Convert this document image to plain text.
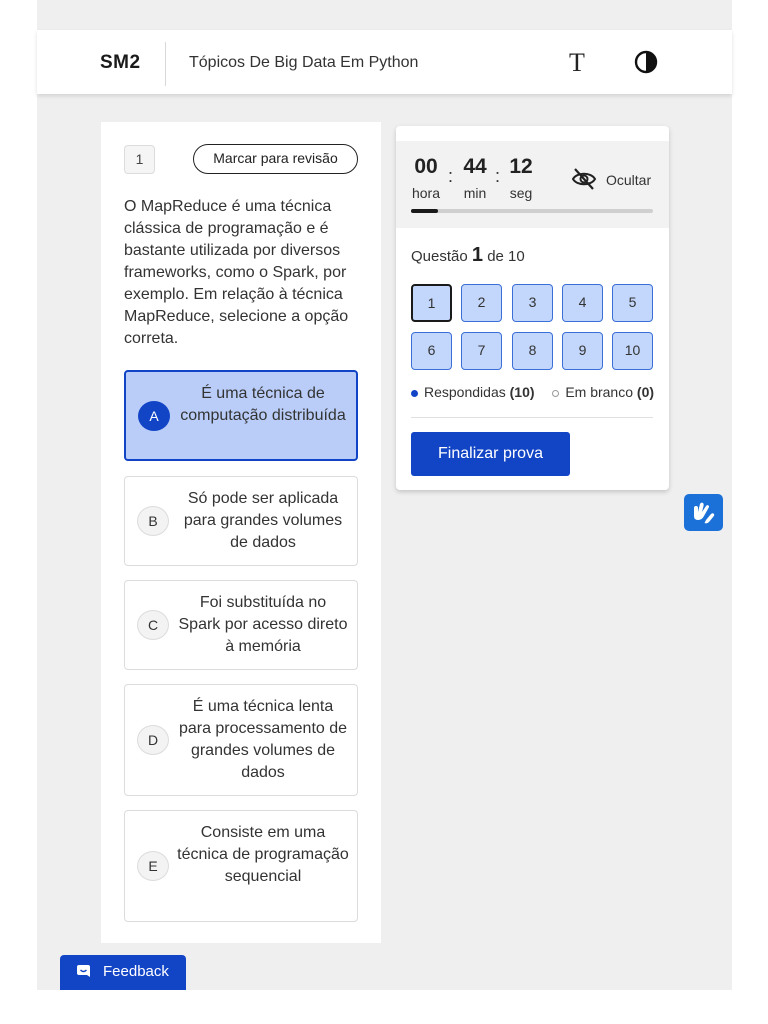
SM2	Tópicos De Big Data Em Python	T
1	Marcar para revisão
O MapReduce é uma técnica clássica de programação e é bastante utilizada por diversos frameworks, como o Spark, por exemplo. Em relação à técnica MapReduce, selecione a opção correta.
A
É uma técnica de computação distribuída
B
Só pode ser aplicada para grandes volumes de dados
C
Foi substituída no Spark por acesso direto à memória
D
É uma técnica lenta para processamento de grandes volumes de dados
E
Consiste em uma técnica de programação sequencial
00
hora
: 44
min
: 12
seg
Ocultar
Questão 1 de 10
1	2	3	4	5
6	7	8	9	10
Respondidas (10) Em branco (0)
Finalizar prova
Feedback
